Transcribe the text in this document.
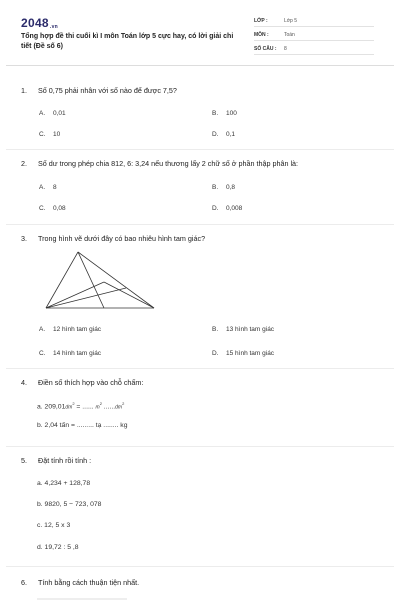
2048.vn
Tổng hợp đề thi cuối kì I môn Toán lớp 5 cực hay, có lời giải chi tiết (Đề số 6)
LỚP :	Lớp 5
MÔN :	Toán
SỐ CÂU : 8
1. Số 0,75 phải nhân với số nào để được 7,5?
A. 0,01	B. 100
C. 10	D. 0,1
2. Số dư trong phép chia 812, 6: 3,24 nếu thương lấy 2 chữ số ở phần thập phân là:
A. 8	B. 0,8
C. 0,08	D. 0,008
3. Trong hình vẽ dưới đây có bao nhiêu hình tam giác?
A. 12 hình tam giác	B. 13 hình tam giác
C. 14 hình tam giác	D. 15 hình tam giác
4. Điền số thích hợp vào chỗ chấm:
a. $209,01dm^2$ = ...... $m^2$ $......dm^2$
b. 2,04 tấn = ......... tạ ........ kg
5. Đặt tính rồi tính :
a. 4,234 + 128,78
b. 9820, 5 − 723, 078
c. 12, 5 x 3
d. 19,72 : 5 ,8
6. Tính bằng cách thuận tiện nhất.
